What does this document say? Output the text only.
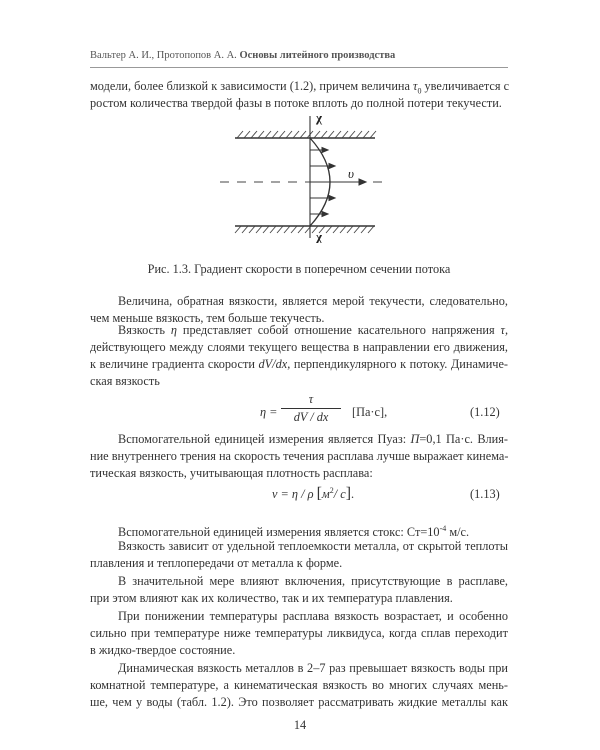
Вальтер А. И., Протопопов А. А. Основы литейного производства
модели, более близкой к зависимости (1.2), причем величина $\tau_0$ увеличивается с
ростом количества твердой фазы в потоке вплоть до полной потери текучести.
χ
χ
υ
Рис. 1.3. Градиент скорости в поперечном сечении потока
Величина, обратная вязкости, является мерой текучести, следовательно,
чем меньше вязкость, тем больше текучесть.
Вязкость η представляет собой отношение касательного напряжения τ,
действующего между слоями текущего вещества в направлении его движения,
к величине градиента скорости dV/dx, перпендикулярного к потоку. Динамиче-
ская вязкость
η =
τ
dV / dx	[Па·с],	(1.12)
Вспомогательной единицей измерения является Пуаз: П=0,1 Па·с. Влия-
ние внутреннего трения на скорость течения расплава лучше выражает кинема-
тическая вязкость, учитывающая плотность расплава:
ν = η / ρ [$м^2/$ с].	(1.13)
Вспомогательной единицей измерения является стокс: $Ст=10^{-4}$ м/с.
Вязкость зависит от удельной теплоемкости металла, от скрытой теплоты
плавления и теплопередачи от металла к форме.
В значительной мере влияют включения, присутствующие в расплаве,
при этом влияют как их количество, так и их температура плавления.
При понижении температуры расплава вязкость возрастает, и особенно
сильно при температуре ниже температуры ликвидуса, когда сплав переходит
в жидко-твердое состояние.
Динамическая вязкость металлов в 2–7 раз превышает вязкость воды при
14
комнатной температуре, а кинематическая вязкость во многих случаях мень-
ше, чем у воды (табл. 1.2). Это позволяет рассматривать жидкие металлы как
